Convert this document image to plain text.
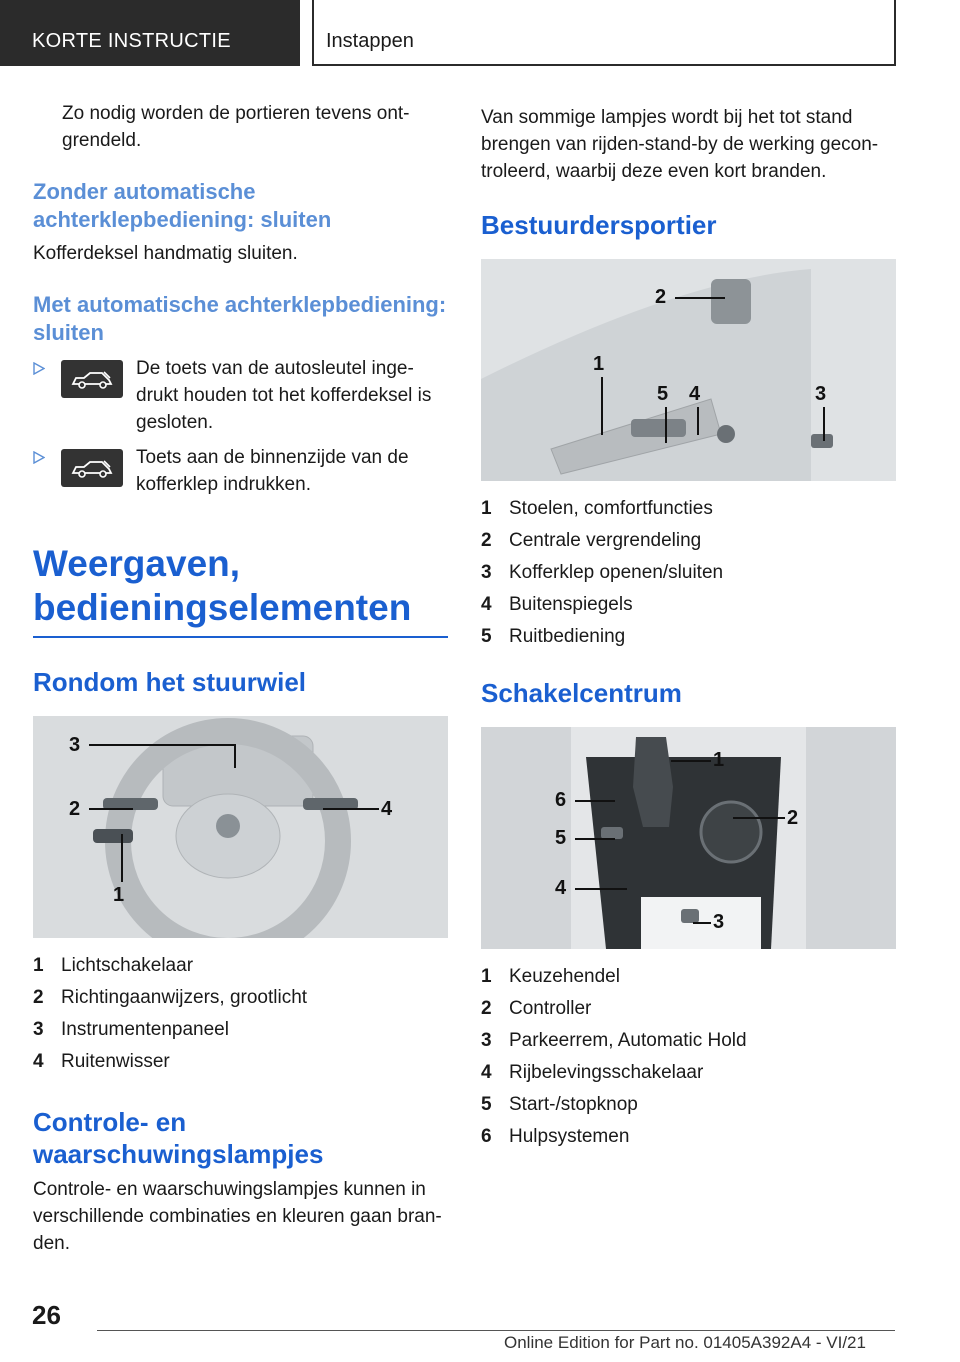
KORTE INSTRUCTIE	Instappen

Zo nodig worden de portieren tevens ont-grendeld.

Zonder automatische achterklepbediening: sluiten

Kofferdeksel handmatig sluiten.

Met automatische achterklepbediening: sluiten
De toets van de autosleutel inge-drukt houden tot het kofferdeksel is gesloten.
Toets aan de binnenzijde van de kofferklep indrukken.
Weergaven, bedieningselementen
Rondom het stuurwiel
3
2	4
1
1 Lichtschakelaar
2 Richtingaanwijzers, grootlicht
3 Instrumentenpaneel
4 Ruitenwisser
Controle- en waarschuwingslampjes

Controle- en waarschuwingslampjes kunnen in verschillende combinaties en kleuren gaan bran-den.

Van sommige lampjes wordt bij het tot stand brengen van rijden-stand-by de werking gecon-troleerd, waarbij deze even kort branden.

Bestuurdersportier
2
1
5 4	3
1 Stoelen, comfortfuncties
2 Centrale vergrendeling
3 Kofferklep openen/sluiten
4 Buitenspiegels
5 Ruitbediening
Schakelcentrum
1
6
2
5
4
3
1 Keuzehendel
2 Controller
3 Parkeerrem, Automatic Hold
4 Rijbelevingsschakelaar
5 Start-/stopknop
6 Hulpsystemen
26
Online Edition for Part no. 01405A392A4 - VI/21
